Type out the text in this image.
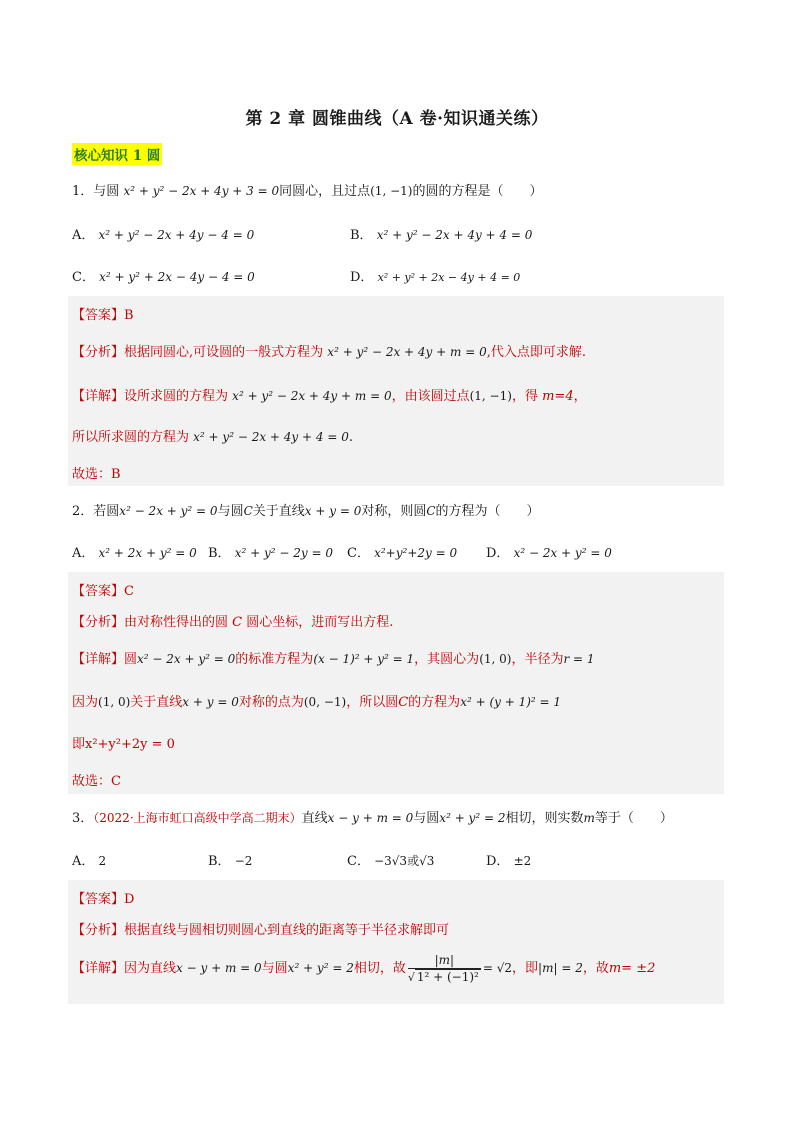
第 2 章 圆锥曲线（A 卷·知识通关练）
核心知识 1 圆
1．与圆 x² + y² − 2x + 4y + 3 = 0同圆心，且过点(1, −1)的圆的方程是（　　）
A． x² + y² − 2x + 4y − 4 = 0	B． x² + y² − 2x + 4y + 4 = 0
C． x² + y² + 2x − 4y − 4 = 0	D． x² + y² + 2x − 4y + 4 = 0
【答案】B
【分析】根据同圆心,可设圆的一般式方程为 x² + y² − 2x + 4y + m = 0,代入点即可求解.
【详解】设所求圆的方程为 x² + y² − 2x + 4y + m = 0，由该圆过点(1, −1)，得 m=4，
所以所求圆的方程为 x² + y² − 2x + 4y + 4 = 0.
故选：B
2．若圆x² − 2x + y² = 0与圆C关于直线x + y = 0对称，则圆C的方程为（　　）
A． x² + 2x + y² = 0 B． x² + y² − 2y = 0 C． x²+y²+2y = 0 D． x² − 2x + y² = 0
【答案】C
【分析】由对称性得出的圆 C 圆心坐标，进而写出方程.
【详解】圆x² − 2x + y² = 0的标准方程为(x − 1)² + y² = 1，其圆心为(1, 0)，半径为r = 1
因为(1, 0)关于直线x + y = 0对称的点为(0, −1)，所以圆C的方程为x² + (y + 1)² = 1
即x²+y²+2y = 0
故选：C
3．（2022·上海市虹口高级中学高二期末）直线x − y + m = 0与圆x² + y² = 2相切，则实数m等于（　　）
A． 2	B． −2	C． −3√3或√3	D． ±2
【答案】D
【分析】根据直线与圆相切则圆心到直线的距离等于半径求解即可
【详解】因为直线x − y + m = 0与圆x² + y² = 2相切，故 $\frac{|m|}{\text{√ 1² + (−1)²}} = √2$，即|m| = 2，故m= ±2
